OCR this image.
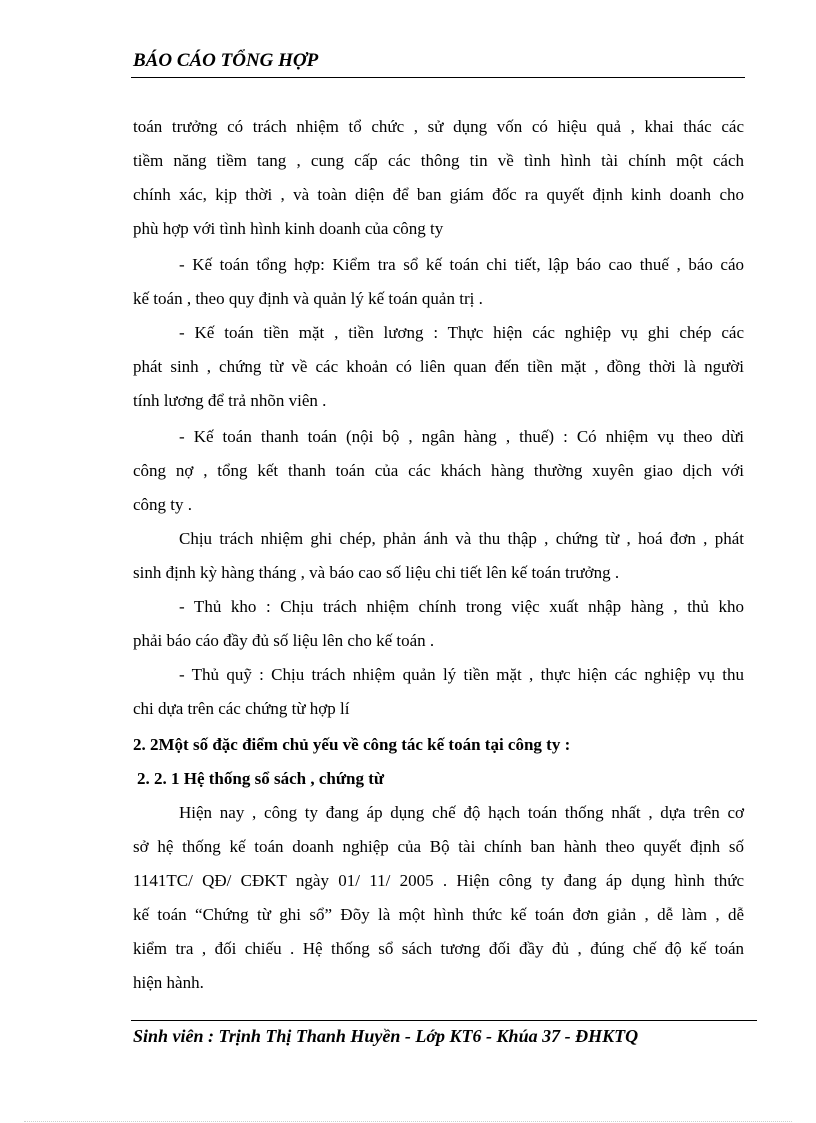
BÁO CÁO TỔNG HỢP
toán trưởng có trách nhiệm tổ chức , sử dụng vốn có hiệu quả , khai thác các
tiềm năng tiềm tang , cung cấp các thông tin về tình hình tài chính một cách
chính xác, kịp thời , và toàn diện để ban giám đốc ra quyết định kinh doanh cho
phù hợp với tình hình kinh doanh của công ty
- Kế toán tổng hợp: Kiểm tra sổ kế toán chi tiết, lập báo cao thuế , báo cáo
kế toán , theo quy định và quản lý kế toán quản trị .
- Kế toán tiền mặt , tiền lương : Thực hiện các nghiệp vụ ghi chép các
phát sinh , chứng từ về các khoản có liên quan đến tiền mặt , đồng thời là người
tính lương để trả nhõn viên .
- Kế toán thanh toán (nội bộ , ngân hàng , thuế) : Có nhiệm vụ theo dừi
công nợ , tổng kết thanh toán của các khách hàng thường xuyên giao dịch với
công ty .
Chịu trách nhiệm ghi chép, phản ánh và thu thập , chứng từ , hoá đơn , phát
sinh định kỳ hàng tháng , và báo cao số liệu chi tiết lên kế toán trưởng .
- Thủ kho : Chịu trách nhiệm chính trong việc xuất nhập hàng , thủ kho
phải báo cáo đầy đủ số liệu lên cho kế toán .
- Thủ quỹ : Chịu trách nhiệm quản lý tiền mặt , thực hiện các nghiệp vụ thu
chi dựa trên các chứng từ hợp lí
2. 2Một số đặc điểm chủ yếu về công tác kế toán tại công ty :
2. 2. 1 Hệ thống sổ sách , chứng từ
Hiện nay , công ty đang áp dụng chế độ hạch toán thống nhất , dựa trên cơ
sở hệ thống kế toán doanh nghiệp của Bộ tài chính ban hành theo quyết định số
1141TC/ QĐ/ CĐKT ngày 01/ 11/ 2005 . Hiện công ty đang áp dụng hình thức
kế toán “Chứng từ ghi sổ” Đõy là một hình thức kế toán đơn giản , dễ làm , dễ
kiểm tra , đối chiếu . Hệ thống sổ sách tương đối đầy đủ , đúng chế độ kế toán
hiện hành.
Sinh viên : Trịnh Thị Thanh Huyền - Lớp KT6 - Khúa 37 - ĐHKTQ
